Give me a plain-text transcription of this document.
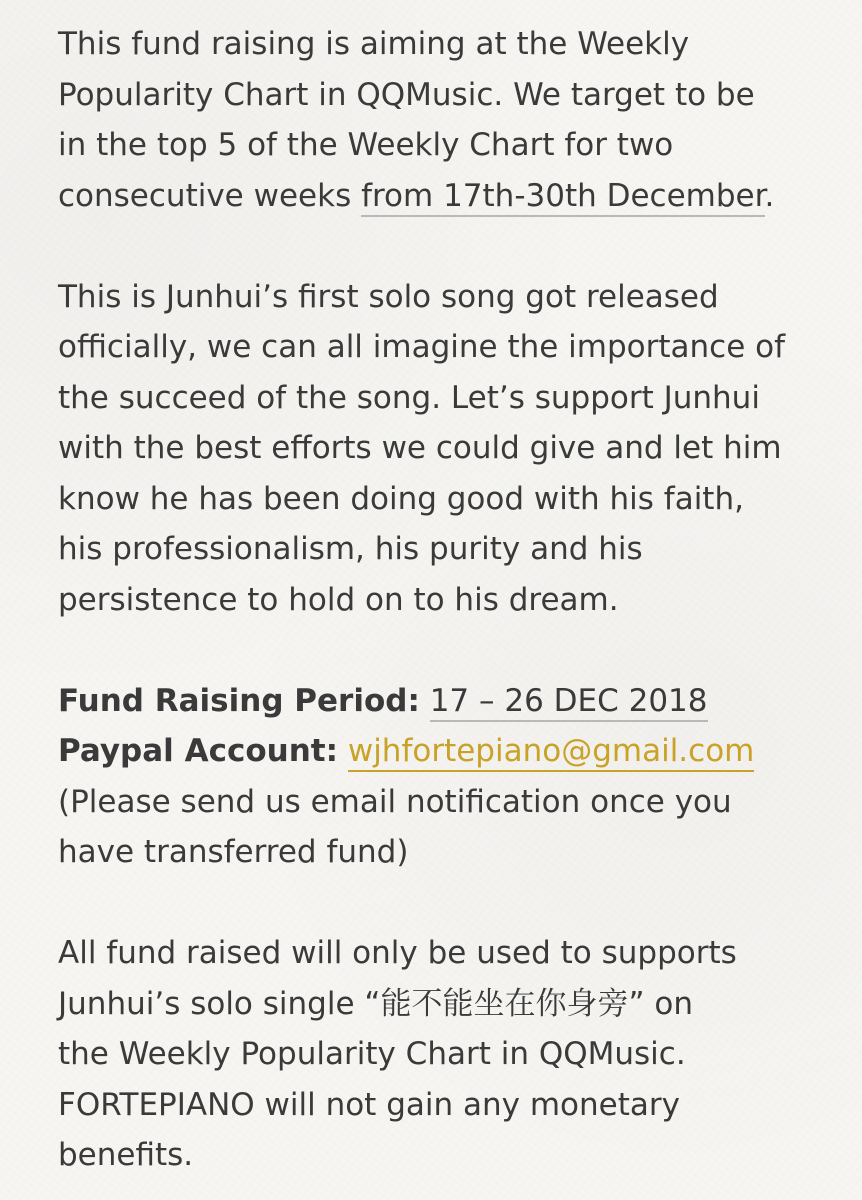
This fund raising is aiming at the Weekly
Popularity Chart in QQMusic. We target to be
in the top 5 of the Weekly Chart for two
consecutive weeks from 17th-30th December.
This is Junhui’s first solo song got released
officially, we can all imagine the importance of
the succeed of the song. Let’s support Junhui
with the best efforts we could give and let him
know he has been doing good with his faith,
his professionalism, his purity and his
persistence to hold on to his dream.
Fund Raising Period: 17 – 26 DEC 2018
Paypal Account: wjhfortepiano@gmail.com
(Please send us email notification once you
have transferred fund)
All fund raised will only be used to supports
Junhui’s solo single “能不能坐在你身旁” on
the Weekly Popularity Chart in QQMusic.
FORTEPIANO will not gain any monetary
benefits.
